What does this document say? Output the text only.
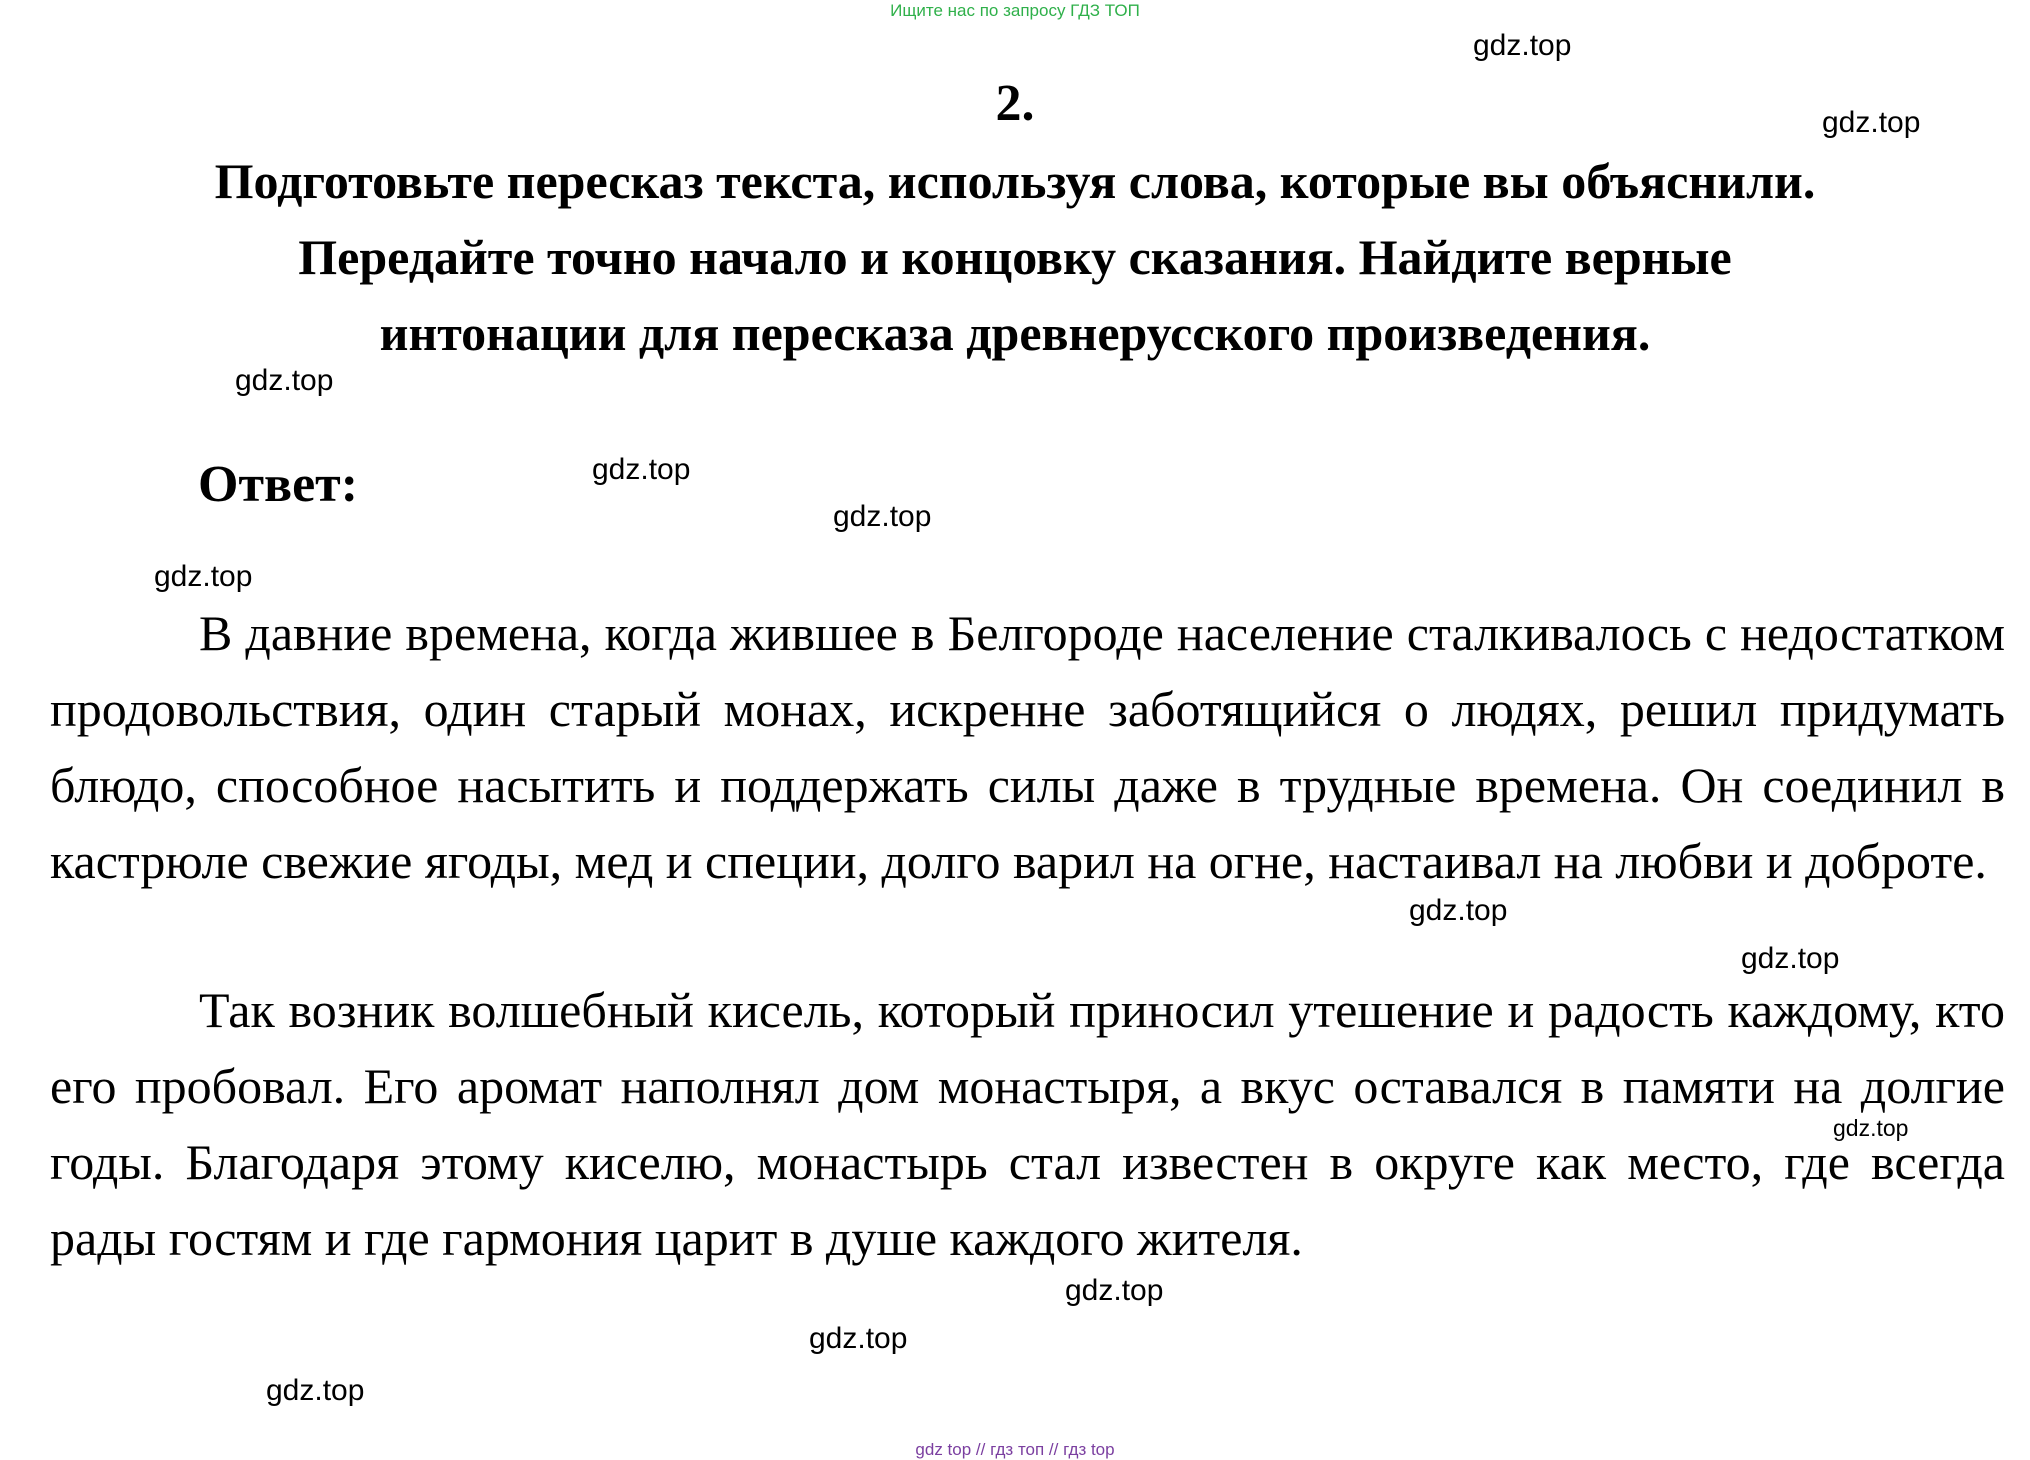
Ищите нас по запросу ГДЗ ТОП
2.
Подготовьте пересказ текста, используя слова, которые вы объяснили.
Передайте точно начало и концовку сказания. Найдите верные
интонации для пересказа древнерусского произведения.
Ответ:

В давние времена, когда жившее в Белгороде население сталкивалось с недостатком продовольствия, один старый монах, искренне заботящийся о людях, решил придумать блюдо, способное насытить и поддержать силы даже в трудные времена. Он соединил в кастрюле свежие ягоды, мед и специи, долго варил на огне, настаивал на любви и доброте.

Так возник волшебный кисель, который приносил утешение и радость каждому, кто его пробовал. Его аромат наполнял дом монастыря, а вкус оставался в памяти на долгие годы. Благодаря этому киселю, монастырь стал известен в округе как место, где всегда рады гостям и где гармония царит в душе каждого жителя.

gdz.top
gdz.top
gdz.top
gdz.top
gdz.top
gdz.top
gdz.top
gdz.top
gdz.top
gdz.top
gdz.top
gdz.top
gdz top // гдз топ // гдз top
